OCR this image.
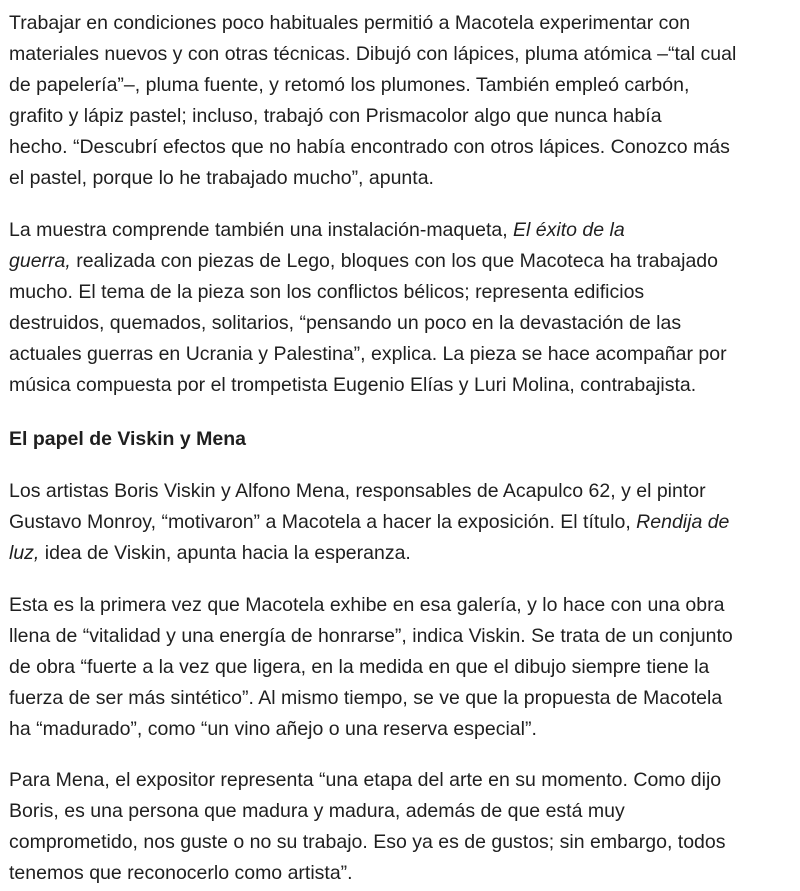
Trabajar en condiciones poco habituales permitió a Macotela experimentar con
materiales nuevos y con otras técnicas. Dibujó con lápices, pluma atómica –“tal cual
de papelería”–, pluma fuente, y retomó los plumones. También empleó carbón,
grafito y lápiz pastel; incluso, trabajó con Prismacolor algo que nunca había
hecho. “Descubrí efectos que no había encontrado con otros lápices. Conozco más
el pastel, porque lo he trabajado mucho”, apunta.

La muestra comprende también una instalación-maqueta, El éxito de la
guerra, realizada con piezas de Lego, bloques con los que Macoteca ha trabajado
mucho. El tema de la pieza son los conflictos bélicos; representa edificios
destruidos, quemados, solitarios, “pensando un poco en la devastación de las
actuales guerras en Ucrania y Palestina”, explica. La pieza se hace acompañar por
música compuesta por el trompetista Eugenio Elías y Luri Molina, contrabajista.

El papel de Viskin y Mena

Los artistas Boris Viskin y Alfono Mena, responsables de Acapulco 62, y el pintor
Gustavo Monroy, “motivaron” a Macotela a hacer la exposición. El título, Rendija de
luz, idea de Viskin, apunta hacia la esperanza.

Esta es la primera vez que Macotela exhibe en esa galería, y lo hace con una obra
llena de “vitalidad y una energía de honrarse”, indica Viskin. Se trata de un conjunto
de obra “fuerte a la vez que ligera, en la medida en que el dibujo siempre tiene la
fuerza de ser más sintético”. Al mismo tiempo, se ve que la propuesta de Macotela
ha “madurado”, como “un vino añejo o una reserva especial”.

Para Mena, el expositor representa “una etapa del arte en su momento. Como dijo
Boris, es una persona que madura y madura, además de que está muy
comprometido, nos guste o no su trabajo. Eso ya es de gustos; sin embargo, todos
tenemos que reconocerlo como artista”.
